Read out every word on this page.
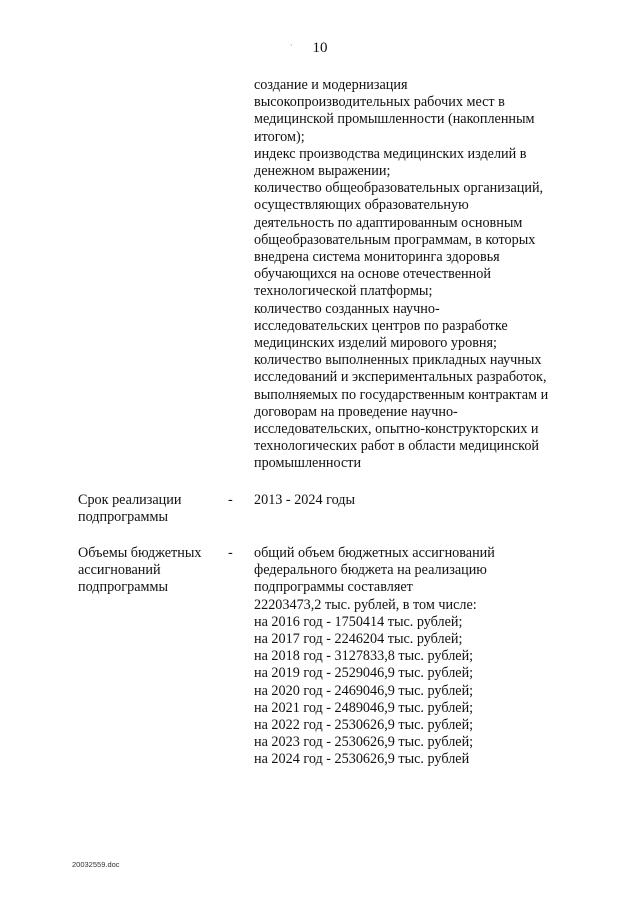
·	10
создание и модернизация
высокопроизводительных рабочих мест в
медицинской промышленности (накопленным
итогом);
индекс производства медицинских изделий в
денежном выражении;
количество общеобразовательных организаций,
осуществляющих образовательную
деятельность по адаптированным основным
общеобразовательным программам, в которых
внедрена система мониторинга здоровья
обучающихся на основе отечественной
технологической платформы;
количество созданных научно-
исследовательских центров по разработке
медицинских изделий мирового уровня;
количество выполненных прикладных научных
исследований и экспериментальных разработок,
выполняемых по государственным контрактам и
договорам на проведение научно-
исследовательских, опытно-конструкторских и
технологических работ в области медицинской
промышленности
Срок реализации
подпрограммы
- 2013 - 2024 годы
Объемы бюджетных
ассигнований
подпрограммы
- общий объем бюджетных ассигнований
федерального бюджета на реализацию
подпрограммы составляет
22203473,2 тыс. рублей, в том числе:
на 2016 год - 1750414 тыс. рублей;
на 2017 год - 2246204 тыс. рублей;
на 2018 год - 3127833,8 тыс. рублей;
на 2019 год - 2529046,9 тыс. рублей;
на 2020 год - 2469046,9 тыс. рублей;
на 2021 год - 2489046,9 тыс. рублей;
на 2022 год - 2530626,9 тыс. рублей;
на 2023 год - 2530626,9 тыс. рублей;
на 2024 год - 2530626,9 тыс. рублей
20032559.doc
